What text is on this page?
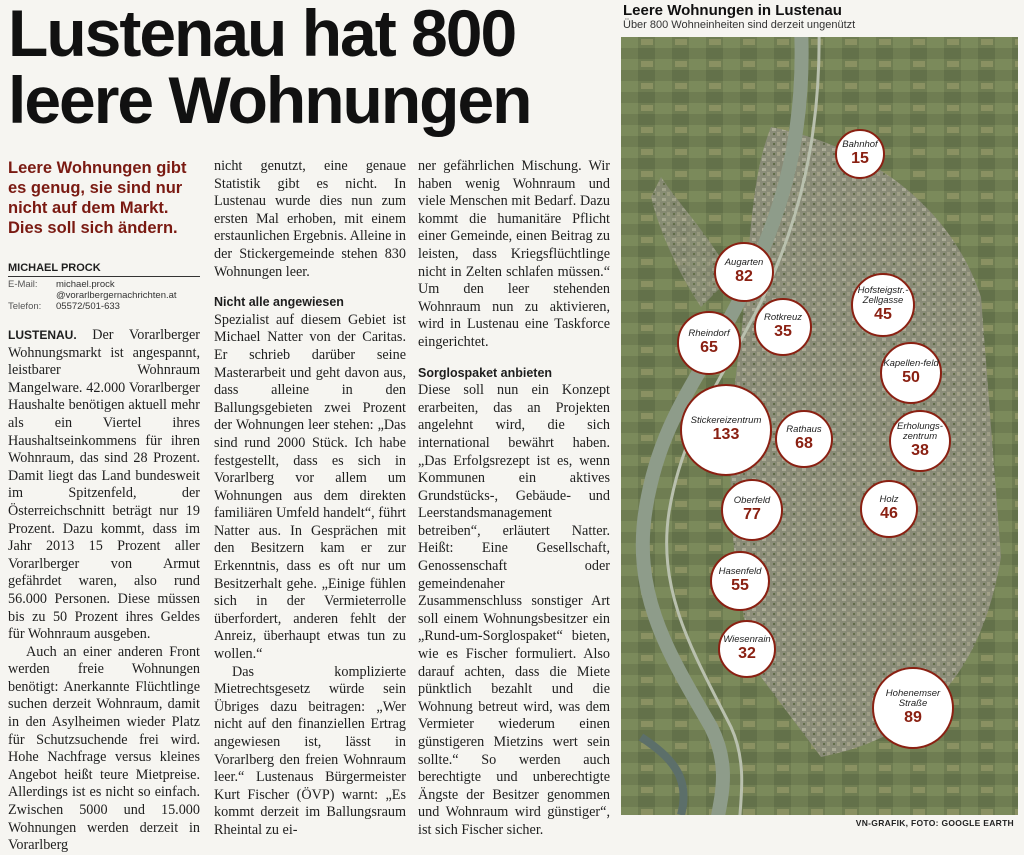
Lustenau hat 800
leere Wohnungen

Leere Wohnungen gibt es genug, sie sind nur nicht auf dem Markt. Dies soll sich ändern.

MICHAEL PROCK
E-Mail:	michael.prock @vorarlbergernachrichten.at
Telefon:	05572/501-633

LUSTENAU. Der Vorarlberger Wohnungsmarkt ist angespannt, leistbarer Wohnraum Mangelware. 42.000 Vorarlberger Haushalte benötigen aktuell mehr als ein Viertel ihres Haushaltseinkommens für ihren Wohnraum, das sind 28 Prozent. Damit liegt das Land bundesweit im Spitzenfeld, der Österreichschnitt beträgt nur 19 Prozent. Dazu kommt, dass im Jahr 2013 15 Prozent aller Vorarlberger von Armut gefährdet waren, also rund 56.000 Personen. Diese müssen bis zu 50 Prozent ihres Geldes für Wohnraum ausgeben.

Auch an einer anderen Front werden freie Wohnungen benötigt: Anerkannte Flüchtlinge suchen derzeit Wohnraum, damit in den Asylheimen wieder Platz für Schutzsuchende frei wird. Hohe Nachfrage versus kleines Angebot heißt teure Mietpreise. Allerdings ist es nicht so einfach. Zwischen 5000 und 15.000 Wohnungen werden derzeit in Vorarlberg

nicht genutzt, eine genaue Statistik gibt es nicht. In Lustenau wurde dies nun zum ersten Mal erhoben, mit einem erstaunlichen Ergebnis. Alleine in der Stickergemeinde stehen 830 Wohnungen leer.

Nicht alle angewiesen

Spezialist auf diesem Gebiet ist Michael Natter von der Caritas. Er schrieb darüber seine Masterarbeit und geht davon aus, dass alleine in den Ballungsgebieten zwei Prozent der Wohnungen leer stehen: „Das sind rund 2000 Stück. Ich habe festgestellt, dass es sich in Vorarlberg vor allem um Wohnungen aus dem direkten familiären Umfeld handelt“, führt Natter aus. In Gesprächen mit den Besitzern kam er zur Erkenntnis, dass es oft nur um Besitzerhalt gehe. „Einige fühlen sich in der Vermieterrolle überfordert, anderen fehlt der Anreiz, überhaupt etwas tun zu wollen.“

Das komplizierte Mietrechtsgesetz würde sein Übriges dazu beitragen: „Wer nicht auf den finanziellen Ertrag angewiesen ist, lässt in Vorarlberg den freien Wohnraum leer.“ Lustenaus Bürgermeister Kurt Fischer (ÖVP) warnt: „Es kommt derzeit im Ballungsraum Rheintal zu ei-

ner gefährlichen Mischung. Wir haben wenig Wohnraum und viele Menschen mit Bedarf. Dazu kommt die humanitäre Pflicht einer Gemeinde, einen Beitrag zu leisten, dass Kriegsflüchtlinge nicht in Zelten schlafen müssen.“ Um den leer stehenden Wohnraum nun zu aktivieren, wird in Lustenau eine Taskforce eingerichtet.

Sorglospaket anbieten

Diese soll nun ein Konzept erarbeiten, das an Projekten angelehnt wird, die sich international bewährt haben. „Das Erfolgsrezept ist es, wenn Kommunen ein aktives Grundstücks-, Gebäude- und Leerstandsmanagement betreiben“, erläutert Natter. Heißt: Eine Gesellschaft, Genossenschaft oder gemeindenaher Zusammenschluss sonstiger Art soll einem Wohnungsbesitzer ein „Rund-um-Sorglospaket“ bieten, wie es Fischer formuliert. Also darauf achten, dass die Miete pünktlich bezahlt und die Wohnung betreut wird, was dem Vermieter wiederum einen günstigeren Mietzins wert sein sollte.“ So werden auch berechtigte und unberechtigte Ängste der Besitzer genommen und Wohnraum wird günstiger“, ist sich Fischer sicher.

Leere Wohnungen in Lustenau
Über 800 Wohneinheiten sind derzeit ungenützt
Bahnhof
15
Augarten
82
Hofsteigstr.-Zellgasse
45
Rheindorf
65
Rotkreuz
35
Kapellen-feld
50
Stickereizentrum
133	Rathaus
68
Erholungs-zentrum
38
Oberfeld
77
Holz
46
Hasenfeld
55
Wiesenrain
32
Hohenemser Straße
89
VN-GRAFIK, FOTO: GOOGLE EARTH
